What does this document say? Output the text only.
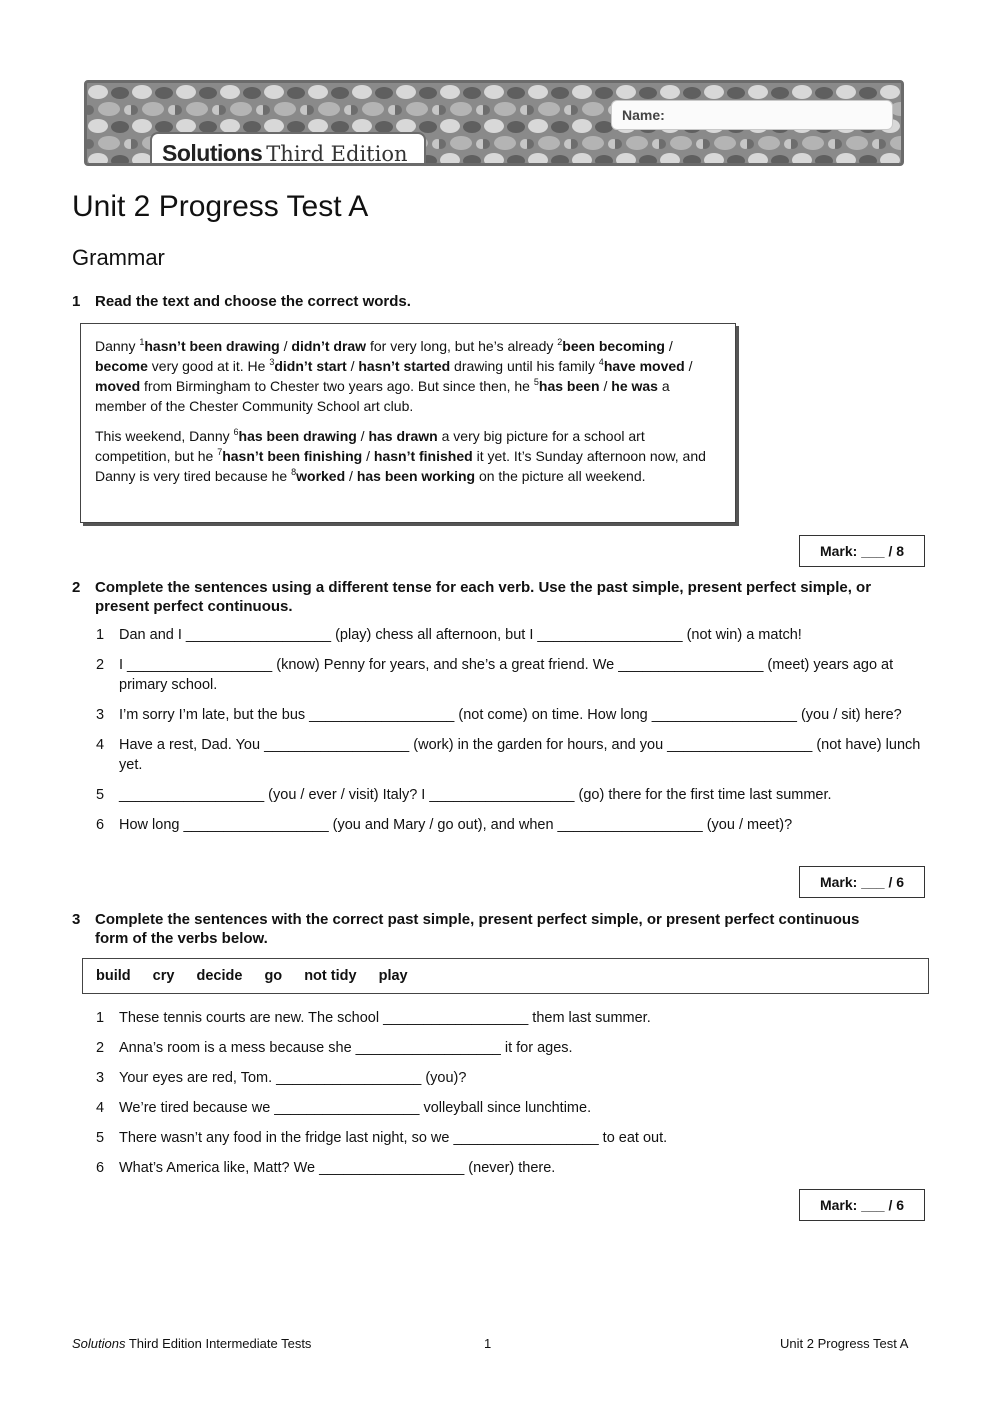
Name:
Solutions Third Edition
Unit 2 Progress Test A
Grammar
1 Read the text and choose the correct words.

Danny $^1$hasn’t been drawing / didn’t draw for very long, but he’s already $^2$been becoming / become very good at it. He $^3$didn’t start / hasn’t started drawing until his family $^4$have moved / moved from Birmingham to Chester two years ago. But since then, he $^5$has been / he was a member of the Chester Community School art club.

This weekend, Danny $^6$has been drawing / has drawn a very big picture for a school art competition, but he $^7$hasn’t been finishing / hasn’t finished it yet. It’s Sunday afternoon now, and Danny is very tired because he $^8$worked / has been working on the picture all weekend.

Mark: ___ / 8
2 Complete the sentences using a different tense for each verb. Use the past simple, present perfect simple, or present perfect continuous.
1 Dan and I __________________ (play) chess all afternoon, but I __________________ (not win) a match!
2 I __________________ (know) Penny for years, and she’s a great friend. We __________________ (meet) years ago at primary school.
3 I’m sorry I’m late, but the bus __________________ (not come) on time. How long __________________ (you / sit) here?
4 Have a rest, Dad. You __________________ (work) in the garden for hours, and you __________________ (not have) lunch yet.
5 __________________ (you / ever / visit) Italy? I __________________ (go) there for the first time last summer.
6 How long __________________ (you and Mary / go out), and when __________________ (you / meet)?
Mark: ___ / 6
3 Complete the sentences with the correct past simple, present perfect simple, or present perfect continuous form of the verbs below.
build cry decide go not tidy play
1 These tennis courts are new. The school __________________ them last summer.
2 Anna’s room is a mess because she __________________ it for ages.
3 Your eyes are red, Tom. __________________ (you)?
4 We’re tired because we __________________ volleyball since lunchtime.
5 There wasn’t any food in the fridge last night, so we __________________ to eat out.
6 What’s America like, Matt? We __________________ (never) there.
Mark: ___ / 6
Solutions Third Edition Intermediate Tests	1	Unit 2 Progress Test A
